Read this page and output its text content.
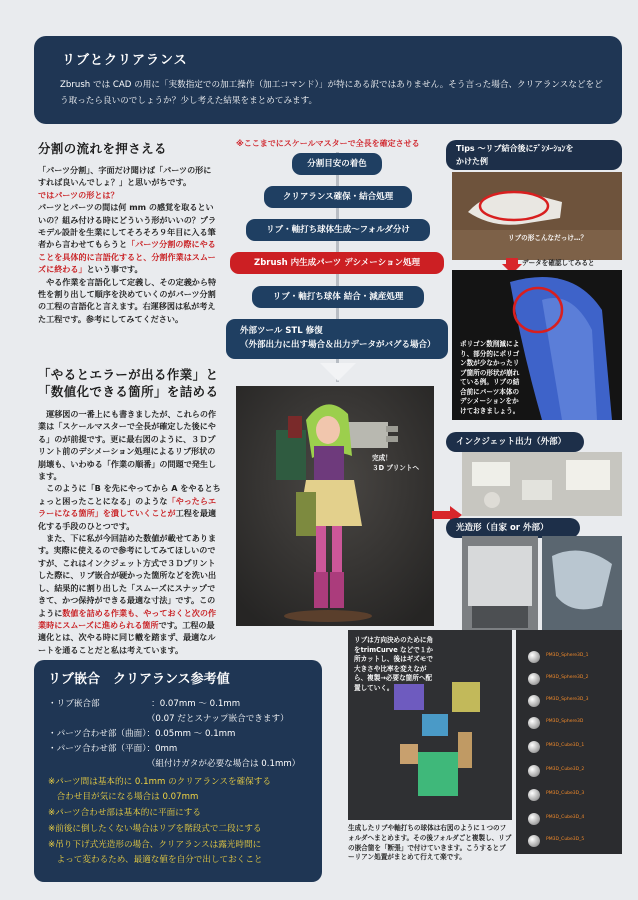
リブとクリアランス
Zbrush では CAD の用に「実数指定での加工操作（加工コマンド）」が特にある訳ではありません。そう言った場合、クリアランスなどをどう取ったら良いのでしょうか？少し考えた結果をまとめてみます。
分割の流れを押さえる
「パーツ分割」、字面だけ聞けば「パーツの形にすれば良いんでしょ？」と思いがちです。
ではパーツの形とは？
パーツとパーツの間は何 mm の感覚を取るといいの？組み付ける時にどういう形がいいの？プラモデル設計を生業にしてそろそろ９年目に入る筆者から言わせてもらうと「パーツ分割の際にやることを具体的に言語化すると、分割作業はスムーズに終わる」という事です。
　やる作業を言語化して定義し、その定義から特性を割り出して順序を決めていくのがパーツ分割の工程の言語化と言えます。右運移図は私が考えた工程です。参考にしてみてください。
「やるとエラーが出る作業」と「数値化できる箇所」を詰める
　運移図の一番上にも書きましたが、これらの作業は「スケールマスターで全長が確定した後にやる」のが前提です。更に最右図のように、３Ｄプリント前のデシメーション処理によるリブ形状の崩壊も、いわゆる「作業の順番」の問題で発生します。
　このように「B を先にやってから A をやるとちょっと困ったことになる」のような「やったらエラーになる箇所」を潰していくことが工程を最適化する手段のひとつです。
　また、下に私が今回詰めた数値が載せてあります。実際に使えるので参考にしてみてほしいのですが、これはインクジェット方式で３Ｄプリントした際に、リブ嵌合が硬かった箇所などを洗い出し、結果的に割り出した「スムーズにスナップできて、かつ保持ができる最適な寸法」です。このように数値を詰める作業も、やっておくと次の作業時にスムーズに進められる箇所です。工程の最適化とは、次やる時に同じ轍を踏まず、最適なルートを通ることだと私は考えています。
※ここまでにスケールマスターで全長を確定させる
分割目安の着色
クリアランス確保・結合処理
リブ・軸打ち球体生成〜フォルダ分け
Zbrush 内生成パーツ デシメーション処理
リブ・軸打ち球体 結合・減産処理
外部ツール STL 修復
（外部出力に出す場合＆出力データがバグる場合）
完成！
３D プリントへ
Tips 〜リブ結合後にﾃﾞｼﾒｰｼｮﾝを
かけた例
リブの形こんなだっけ…？
データを確認してみると
ポリゴン数削減により、部分的にポリゴン数が少なかったリブ箇所の形状が崩れている例。リブの結合前にパーツ本体のデシメーションをかけておきましょう。
インクジェット出力（外部）
光造形（自家 or 外部）
リブは方向決めのために角をtrimCurve などで１か所カットし、後はギズモで大きさや比率を変えながら、複製→必要な箇所へ配置していく。
PM3D_Sphere3D_1
PM3D_Sphere3D_2
PM3D_Sphere3D_3
PM3D_Sphere3D
PM3D_Cube3D_1
PM3D_Cube3D_2
PM3D_Cube3D_3
PM3D_Cube3D_4
PM3D_Cube3D_5
生成したリブや軸打ちの球体は右図のように１つのフォルダへまとめます。その後フォルダごと複製し、リブの嵌合箇を「断張」で付けていきます。こうするとブーリアン処置がまとめて行えて楽です。
リブ嵌合　クリアランス参考値
・リブ嵌合部　　　　　　：0.07mm 〜 0.1mm
　　　　　　　　　　　　（0.07 だとスナップ嵌合できます）
・パーツ合わせ部（曲面）：0.05mm 〜 0.1mm
・パーツ合わせ部（平面）：0mm
　　　　　　　　　　　　（組付けガタが必要な場合は 0.1mm）
※パーツ間は基本的に 0.1mm のクリアランスを確保する
　合わせ目が気になる場合は 0.07mm
※パーツ合わせ部は基本的に平面にする
※前後に倒したくない場合はリブを階段式で二段にする
※吊り下げ式光造形の場合、クリアランスは露光時間に
　よって変わるため、最適な値を自分で出しておくこと
